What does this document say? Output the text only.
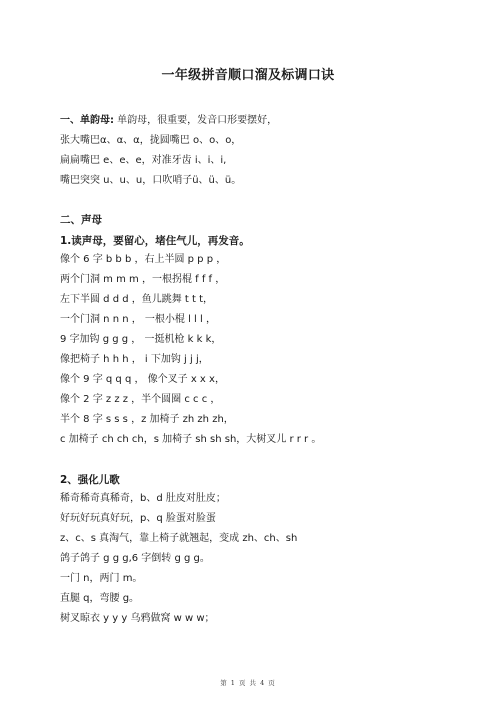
一年级拼音顺口溜及标调口诀
一、单韵母: 单韵母，很重要，发音口形要摆好，
张大嘴巴α、α、α，拢圆嘴巴 o、o、o，
扁扁嘴巴 e、e、e，对准牙齿 i、i、i,
嘴巴突突 u、u、u，口吹哨子ü、ü、ü。
二、声母
1.读声母，要留心，堵住气儿，再发音。
像个 6 字 b b b ，右上半圆 p p p ，
两个门洞 m m m ，一根拐棍 f f f ，
左下半圆 d d d ，鱼儿跳舞 t t t，
一个门洞 n n n ， 一根小棍 l l l ，
9 字加钩 g g g ， 一挺机枪 k k k，
像把椅子 h h h ， i 下加钩 j j j，
像个 9 字 q q q ， 像个叉子 x x x，
像个 2 字 z z z ，半个圆圈 c c c ，
半个 8 字 s s s ，z 加椅子 zh zh zh，
c 加椅子 ch ch ch，s 加椅子 sh sh sh，大树叉儿 r r r 。
2、强化儿歌
稀奇稀奇真稀奇，b、d 肚皮对肚皮；
好玩好玩真好玩，p、q 脸蛋对脸蛋
z、c、s 真淘气，靠上椅子就翘起，变成 zh、ch、sh
鸽子鸽子 g g g,6 字倒转 g g g。
一门 n，两门 m。
直腿 q，弯腰 g。
树叉晾衣 y y y 乌鸦做窝 w w w；
第 1 页 共 4 页
